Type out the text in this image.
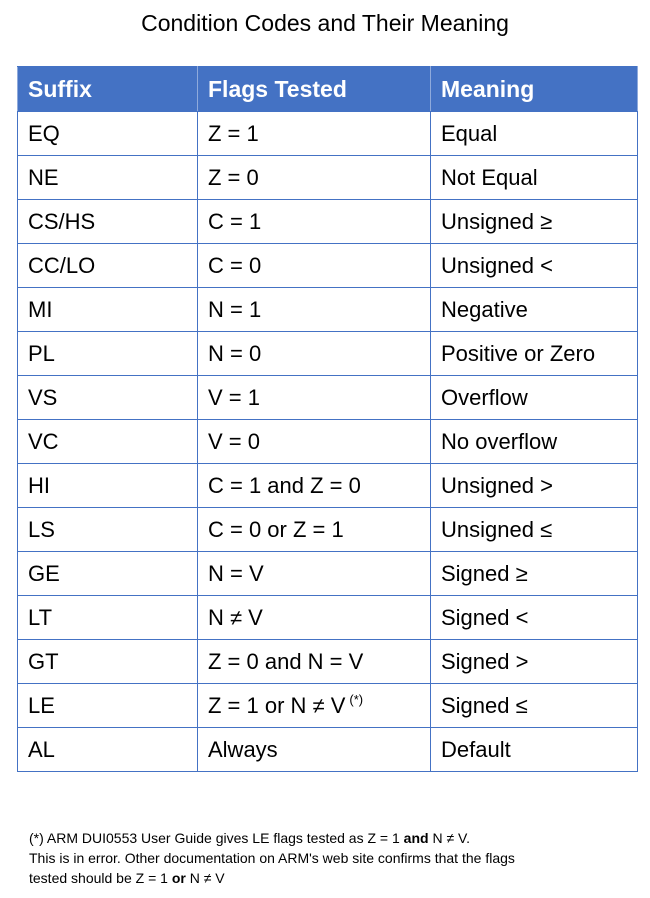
Condition Codes and Their Meaning
Suffix	Flags Tested	Meaning
EQ	Z = 1	Equal
NE	Z = 0	Not Equal
CS/HS	C = 1	Unsigned ≥
CC/LO	C = 0	Unsigned <
MI	N = 1	Negative
PL	N = 0	Positive or Zero
VS	V = 1	Overflow
VC	V = 0	No overflow
HI	C = 1 and Z = 0	Unsigned >
LS	C = 0 or Z = 1	Unsigned ≤
GE	N = V	Signed ≥
LT	N ≠ V	Signed <
GT	Z = 0 and N = V	Signed >
LE	Z = 1 or N ≠ V (*)	Signed ≤
AL	Always	Default
(*) ARM DUI0553 User Guide gives LE flags tested as Z = 1 and N ≠ V.
This is in error. Other documentation on ARM's web site confirms that the flags
tested should be Z = 1 or N ≠ V
